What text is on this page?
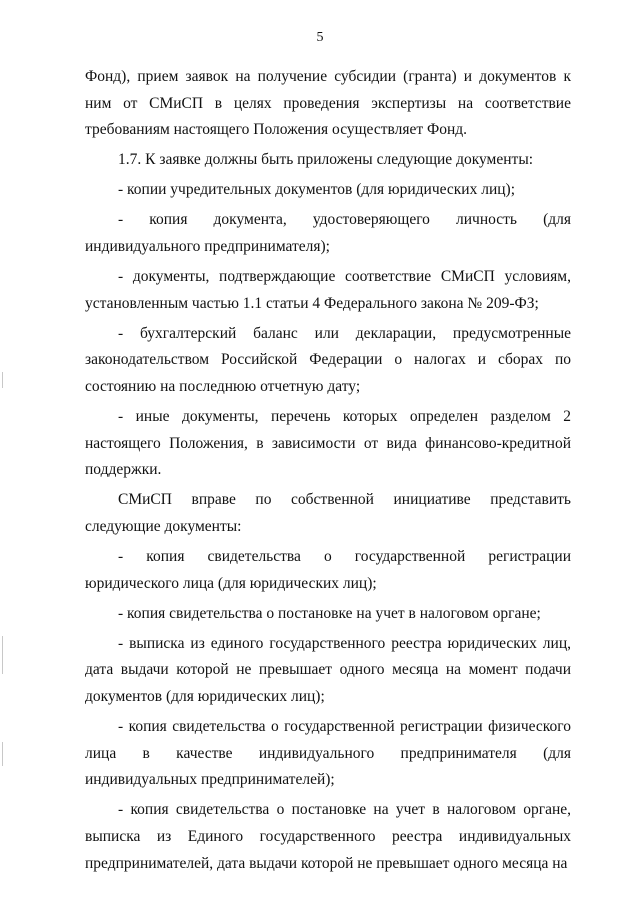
5

Фонд), прием заявок на получение субсидии (гранта) и документов к ним от СМиСП в целях проведения экспертизы на соответствие требованиям настоящего Положения осуществляет Фонд.

1.7. К заявке должны быть приложены следующие документы:

- копии учредительных документов (для юридических лиц);

- копия документа, удостоверяющего личность (для индивидуального предпринимателя);

- документы, подтверждающие соответствие СМиСП условиям, установленным частью 1.1 статьи 4 Федерального закона № 209-ФЗ;

- бухгалтерский баланс или декларации, предусмотренные законодательством Российской Федерации о налогах и сборах по состоянию на последнюю отчетную дату;

- иные документы, перечень которых определен разделом 2 настоящего Положения, в зависимости от вида финансово-кредитной поддержки.

СМиСП вправе по собственной инициативе представить следующие документы:

- копия свидетельства о государственной регистрации юридического лица (для юридических лиц);

- копия свидетельства о постановке на учет в налоговом органе;

- выписка из единого государственного реестра юридических лиц, дата выдачи которой не превышает одного месяца на момент подачи документов (для юридических лиц);

- копия свидетельства о государственной регистрации физического лица в качестве индивидуального предпринимателя (для индивидуальных предпринимателей);

- копия свидетельства о постановке на учет в налоговом органе, выписка из Единого государственного реестра индивидуальных предпринимателей, дата выдачи которой не превышает одного месяца на
